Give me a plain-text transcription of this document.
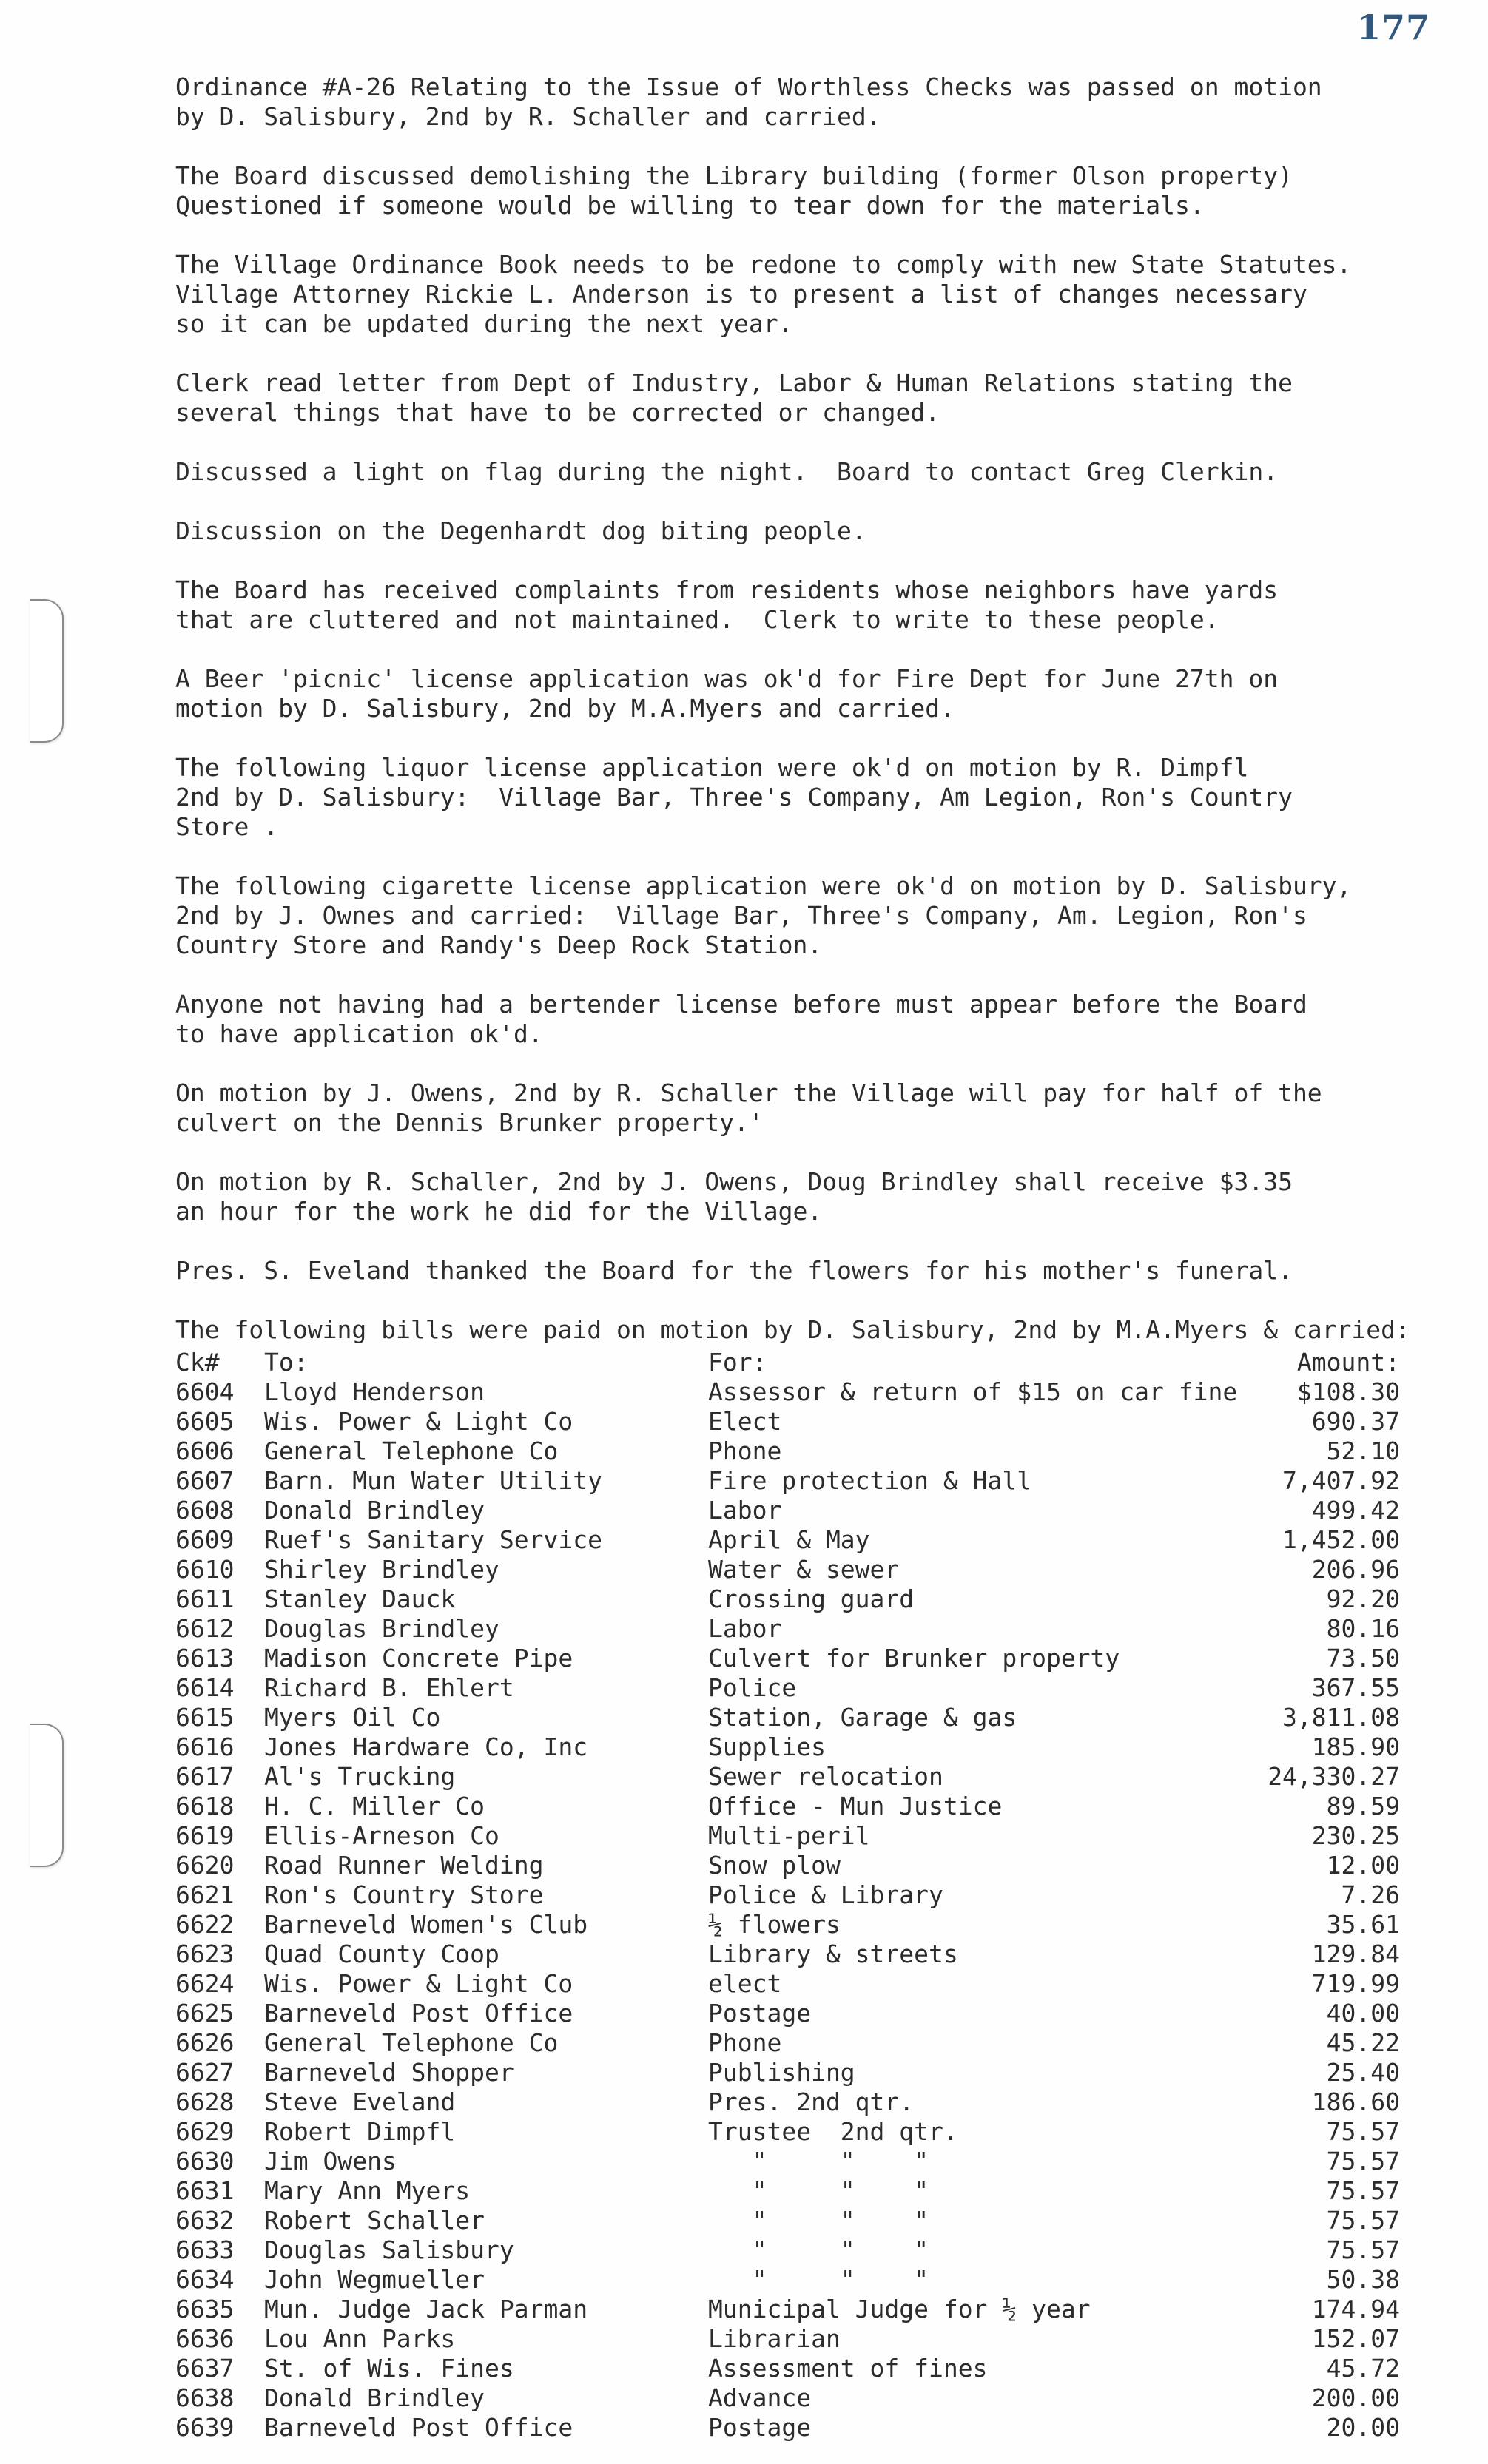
177
Ordinance #A-26 Relating to the Issue of Worthless Checks was passed on motion
by D. Salisbury, 2nd by R. Schaller and carried.
The Board discussed demolishing the Library building (former Olson property)
Questioned if someone would be willing to tear down for the materials.
The Village Ordinance Book needs to be redone to comply with new State Statutes.
Village Attorney Rickie L. Anderson is to present a list of changes necessary
so it can be updated during the next year.
Clerk read letter from Dept of Industry, Labor & Human Relations stating the
several things that have to be corrected or changed.
Discussed a light on flag during the night.  Board to contact Greg Clerkin.
Discussion on the Degenhardt dog biting people.
The Board has received complaints from residents whose neighbors have yards
that are cluttered and not maintained.  Clerk to write to these people.
A Beer 'picnic' license application was ok'd for Fire Dept for June 27th on
motion by D. Salisbury, 2nd by M.A.Myers and carried.
The following liquor license application were ok'd on motion by R. Dimpfl
2nd by D. Salisbury:  Village Bar, Three's Company, Am Legion, Ron's Country
Store .
The following cigarette license application were ok'd on motion by D. Salisbury,
2nd by J. Ownes and carried:  Village Bar, Three's Company, Am. Legion, Ron's
Country Store and Randy's Deep Rock Station.
Anyone not having had a bertender license before must appear before the Board
to have application ok'd.
On motion by J. Owens, 2nd by R. Schaller the Village will pay for half of the
culvert on the Dennis Brunker property.'
On motion by R. Schaller, 2nd by J. Owens, Doug Brindley shall receive $3.35
an hour for the work he did for the Village.
Pres. S. Eveland thanked the Board for the flowers for his mother's funeral.
The following bills were paid on motion by D. Salisbury, 2nd by M.A.Myers & carried:
Ck#	To:	For:	Amount:
6604	Lloyd Henderson	Assessor & return of $15 on car fine	$108.30
6605	Wis. Power & Light Co	Elect	690.37
6606	General Telephone Co	Phone	52.10
6607	Barn. Mun Water Utility	Fire protection & Hall	7,407.92
6608	Donald Brindley	Labor	499.42
6609	Ruef's Sanitary Service	April & May	1,452.00
6610	Shirley Brindley	Water & sewer	206.96
6611	Stanley Dauck	Crossing guard	92.20
6612	Douglas Brindley	Labor	80.16
6613	Madison Concrete Pipe	Culvert for Brunker property	73.50
6614	Richard B. Ehlert	Police	367.55
6615	Myers Oil Co	Station, Garage & gas	3,811.08
6616	Jones Hardware Co, Inc	Supplies	185.90
6617	Al's Trucking	Sewer relocation	24,330.27
6618	H. C. Miller Co	Office - Mun Justice	89.59
6619	Ellis-Arneson Co	Multi-peril	230.25
6620	Road Runner Welding	Snow plow	12.00
6621	Ron's Country Store	Police & Library	7.26
6622	Barneveld Women's Club	½ flowers	35.61
6623	Quad County Coop	Library & streets	129.84
6624	Wis. Power & Light Co	elect	719.99
6625	Barneveld Post Office	Postage	40.00
6626	General Telephone Co	Phone	45.22
6627	Barneveld Shopper	Publishing	25.40
6628	Steve Eveland	Pres. 2nd qtr.	186.60
6629	Robert Dimpfl	Trustee  2nd qtr.	75.57
6630	Jim Owens	"     "    "	75.57
6631	Mary Ann Myers	"     "    "	75.57
6632	Robert Schaller	"     "    "	75.57
6633	Douglas Salisbury	"     "    "	75.57
6634	John Wegmueller	"     "    "	50.38
6635	Mun. Judge Jack Parman	Municipal Judge for ½ year	174.94
6636	Lou Ann Parks	Librarian	152.07
6637	St. of Wis. Fines	Assessment of fines	45.72
6638	Donald Brindley	Advance	200.00
6639	Barneveld Post Office	Postage	20.00
